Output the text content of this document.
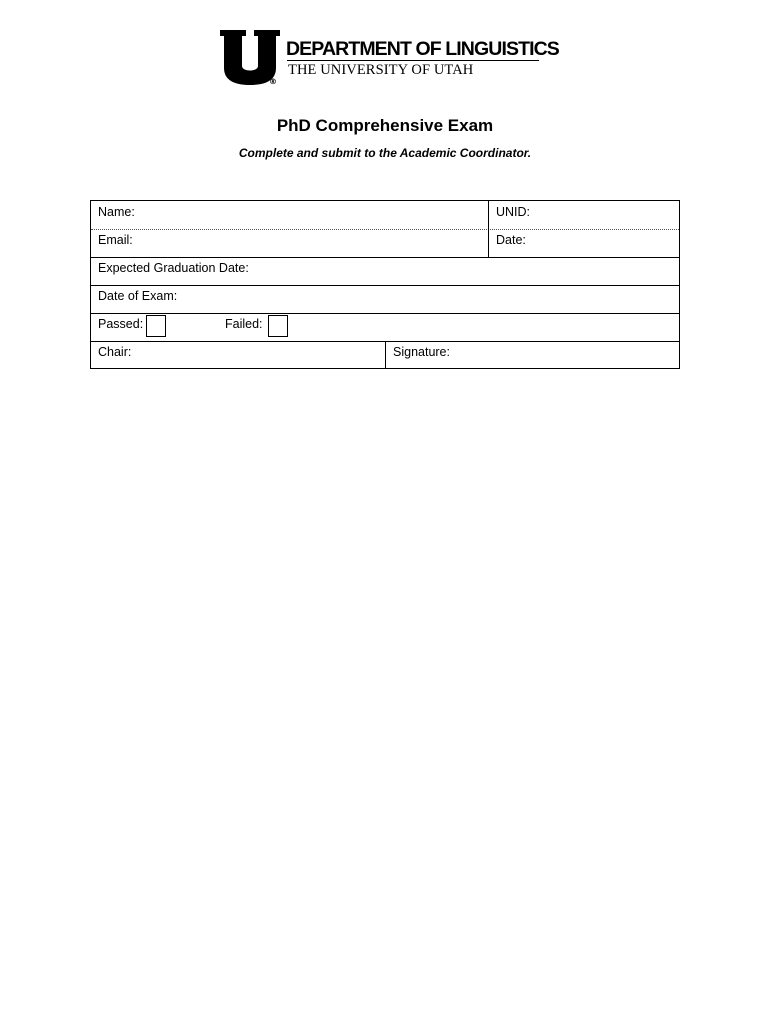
®
DEPARTMENT OF LINGUISTICS
THE UNIVERSITY OF UTAH
PhD Comprehensive Exam
Complete and submit to the Academic Coordinator.
Name:	UNID:
Email:	Date:
Expected Graduation Date:
Date of Exam:
Passed:	Failed:
Chair:	Signature:
